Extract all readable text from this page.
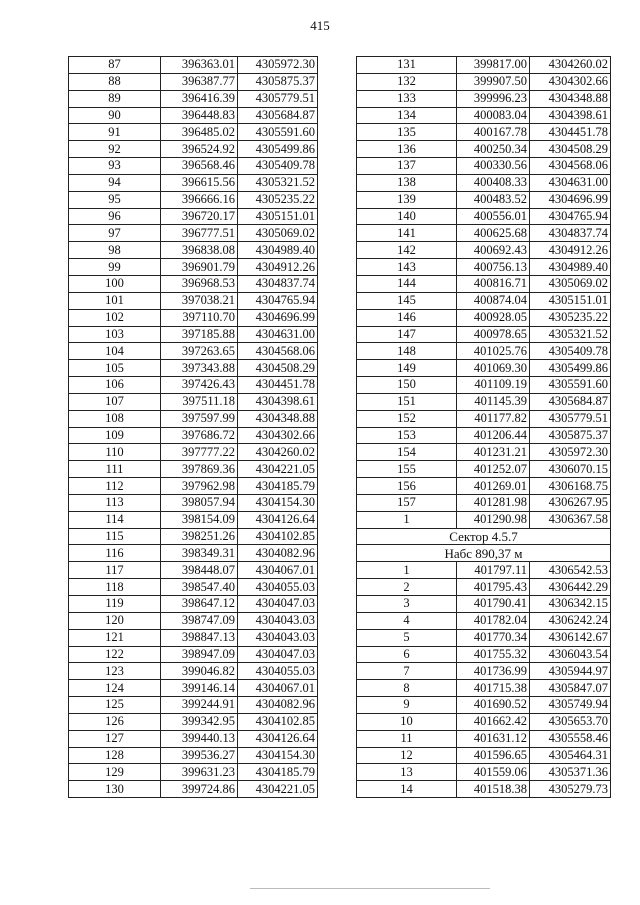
415
87	396363.01	4305972.30
88	396387.77	4305875.37
89	396416.39	4305779.51
90	396448.83	4305684.87
91	396485.02	4305591.60
92	396524.92	4305499.86
93	396568.46	4305409.78
94	396615.56	4305321.52
95	396666.16	4305235.22
96	396720.17	4305151.01
97	396777.51	4305069.02
98	396838.08	4304989.40
99	396901.79	4304912.26
100	396968.53	4304837.74
101	397038.21	4304765.94
102	397110.70	4304696.99
103	397185.88	4304631.00
104	397263.65	4304568.06
105	397343.88	4304508.29
106	397426.43	4304451.78
107	397511.18	4304398.61
108	397597.99	4304348.88
109	397686.72	4304302.66
110	397777.22	4304260.02
111	397869.36	4304221.05
112	397962.98	4304185.79
113	398057.94	4304154.30
114	398154.09	4304126.64
115	398251.26	4304102.85
116	398349.31	4304082.96
117	398448.07	4304067.01
118	398547.40	4304055.03
119	398647.12	4304047.03
120	398747.09	4304043.03
121	398847.13	4304043.03
122	398947.09	4304047.03
123	399046.82	4304055.03
124	399146.14	4304067.01
125	399244.91	4304082.96
126	399342.95	4304102.85
127	399440.13	4304126.64
128	399536.27	4304154.30
129	399631.23	4304185.79
130	399724.86	4304221.05
131	399817.00	4304260.02
132	399907.50	4304302.66
133	399996.23	4304348.88
134	400083.04	4304398.61
135	400167.78	4304451.78
136	400250.34	4304508.29
137	400330.56	4304568.06
138	400408.33	4304631.00
139	400483.52	4304696.99
140	400556.01	4304765.94
141	400625.68	4304837.74
142	400692.43	4304912.26
143	400756.13	4304989.40
144	400816.71	4305069.02
145	400874.04	4305151.01
146	400928.05	4305235.22
147	400978.65	4305321.52
148	401025.76	4305409.78
149	401069.30	4305499.86
150	401109.19	4305591.60
151	401145.39	4305684.87
152	401177.82	4305779.51
153	401206.44	4305875.37
154	401231.21	4305972.30
155	401252.07	4306070.15
156	401269.01	4306168.75
157	401281.98	4306267.95
1	401290.98	4306367.58
Сектор 4.5.7		
Набс 890,37 м		
1	401797.11	4306542.53
2	401795.43	4306442.29
3	401790.41	4306342.15
4	401782.04	4306242.24
5	401770.34	4306142.67
6	401755.32	4306043.54
7	401736.99	4305944.97
8	401715.38	4305847.07
9	401690.52	4305749.94
10	401662.42	4305653.70
11	401631.12	4305558.46
12	401596.65	4305464.31
13	401559.06	4305371.36
14	401518.38	4305279.73
